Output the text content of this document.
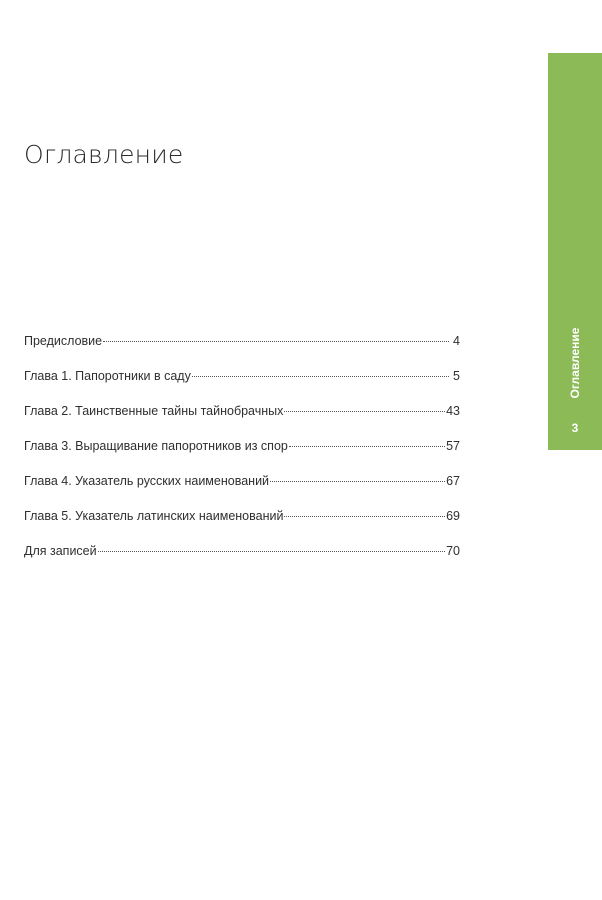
Оглавление
Предисловие	4
Глава 1. Папоротники в саду	5
Глава 2. Таинственные тайны тайнобрачных	43
Глава 3. Выращивание папоротников из спор	57
Глава 4. Указатель русских наименований	67
Глава 5. Указатель латинских наименований	69
Для записей	70
Оглавление
3
